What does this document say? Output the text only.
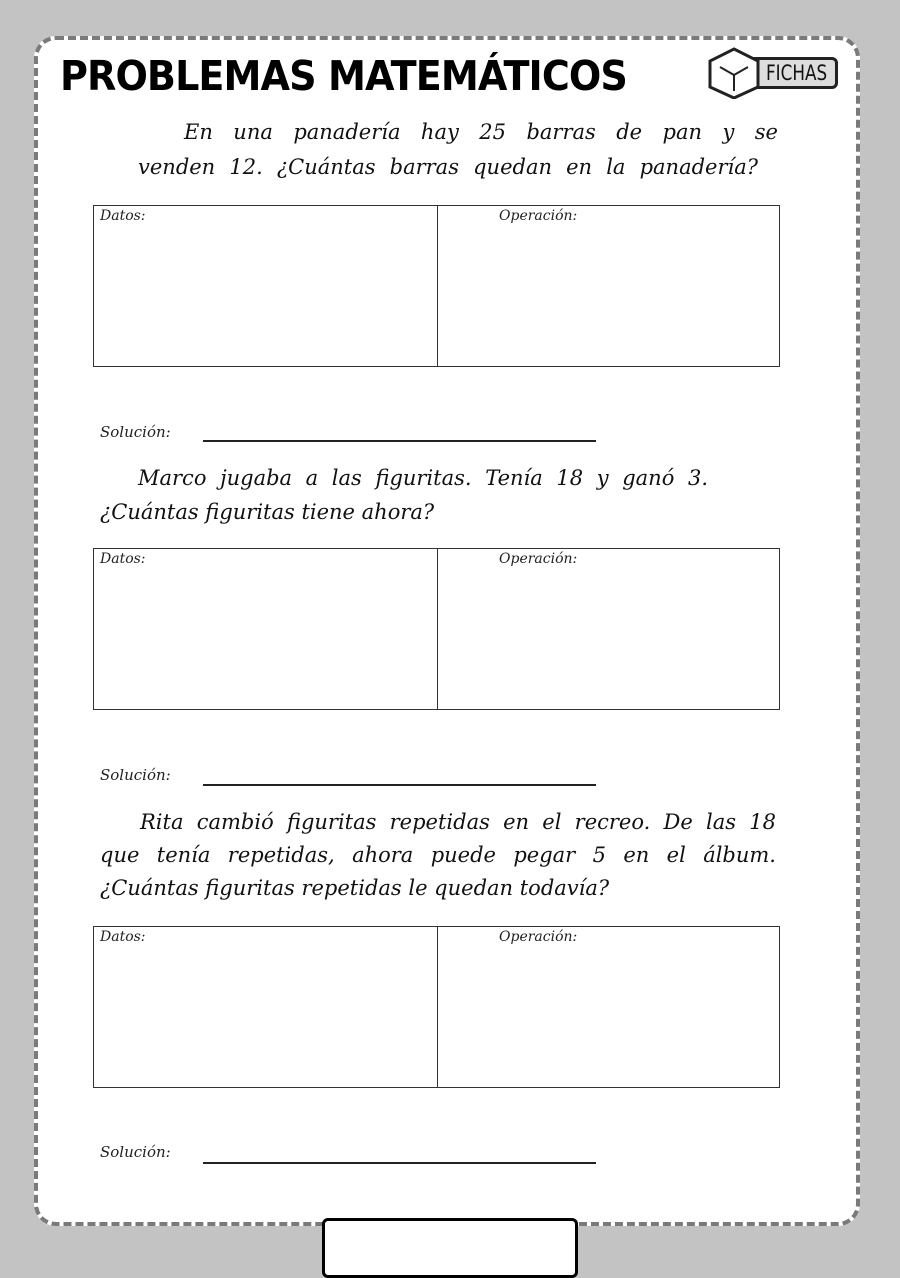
PROBLEMAS MATEMÁTICOS	FICHAS
En una panadería hay 25 barras de pan y se
venden 12. ¿Cuántas barras quedan en la panadería?
Datos:	Operación:
Solución:
Marco jugaba a las figuritas. Tenía 18 y ganó 3.
¿Cuántas figuritas tiene ahora?
Datos:	Operación:
Solución:
Rita cambió figuritas repetidas en el recreo. De las 18
que tenía repetidas, ahora puede pegar 5 en el álbum.
¿Cuántas figuritas repetidas le quedan todavía?
Datos:	Operación:
Solución:
